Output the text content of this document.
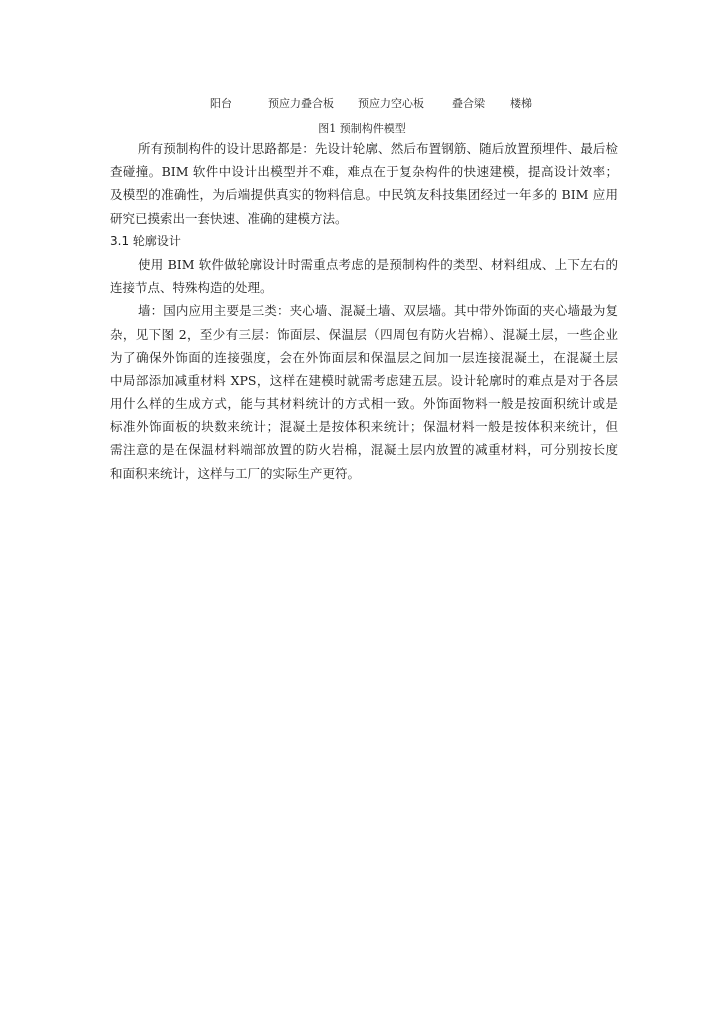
阳台	预应力叠合板 预应力空心板	叠合梁 楼梯
图1 预制构件模型
所有预制构件的设计思路都是：先设计轮廓、然后布置钢筋、随后放置预埋件、最后检
查碰撞。BIM 软件中设计出模型并不难，难点在于复杂构件的快速建模，提高设计效率；
及模型的准确性，为后端提供真实的物料信息。中民筑友科技集团经过一年多的 BIM 应用
研究已摸索出一套快速、准确的建模方法。
3.1 轮廓设计
使用 BIM 软件做轮廓设计时需重点考虑的是预制构件的类型、材料组成、上下左右的
连接节点、特殊构造的处理。
墙：国内应用主要是三类：夹心墙、混凝土墙、双层墙。其中带外饰面的夹心墙最为复
杂，见下图 2，至少有三层：饰面层、保温层（四周包有防火岩棉）、混凝土层，一些企业
为了确保外饰面的连接强度，会在外饰面层和保温层之间加一层连接混凝土，在混凝土层
中局部添加减重材料 XPS，这样在建模时就需考虑建五层。设计轮廓时的难点是对于各层
用什么样的生成方式，能与其材料统计的方式相一致。外饰面物料一般是按面积统计或是
标准外饰面板的块数来统计；混凝土是按体积来统计；保温材料一般是按体积来统计，但
需注意的是在保温材料端部放置的防火岩棉，混凝土层内放置的减重材料，可分别按长度
和面积来统计，这样与工厂的实际生产更符。
